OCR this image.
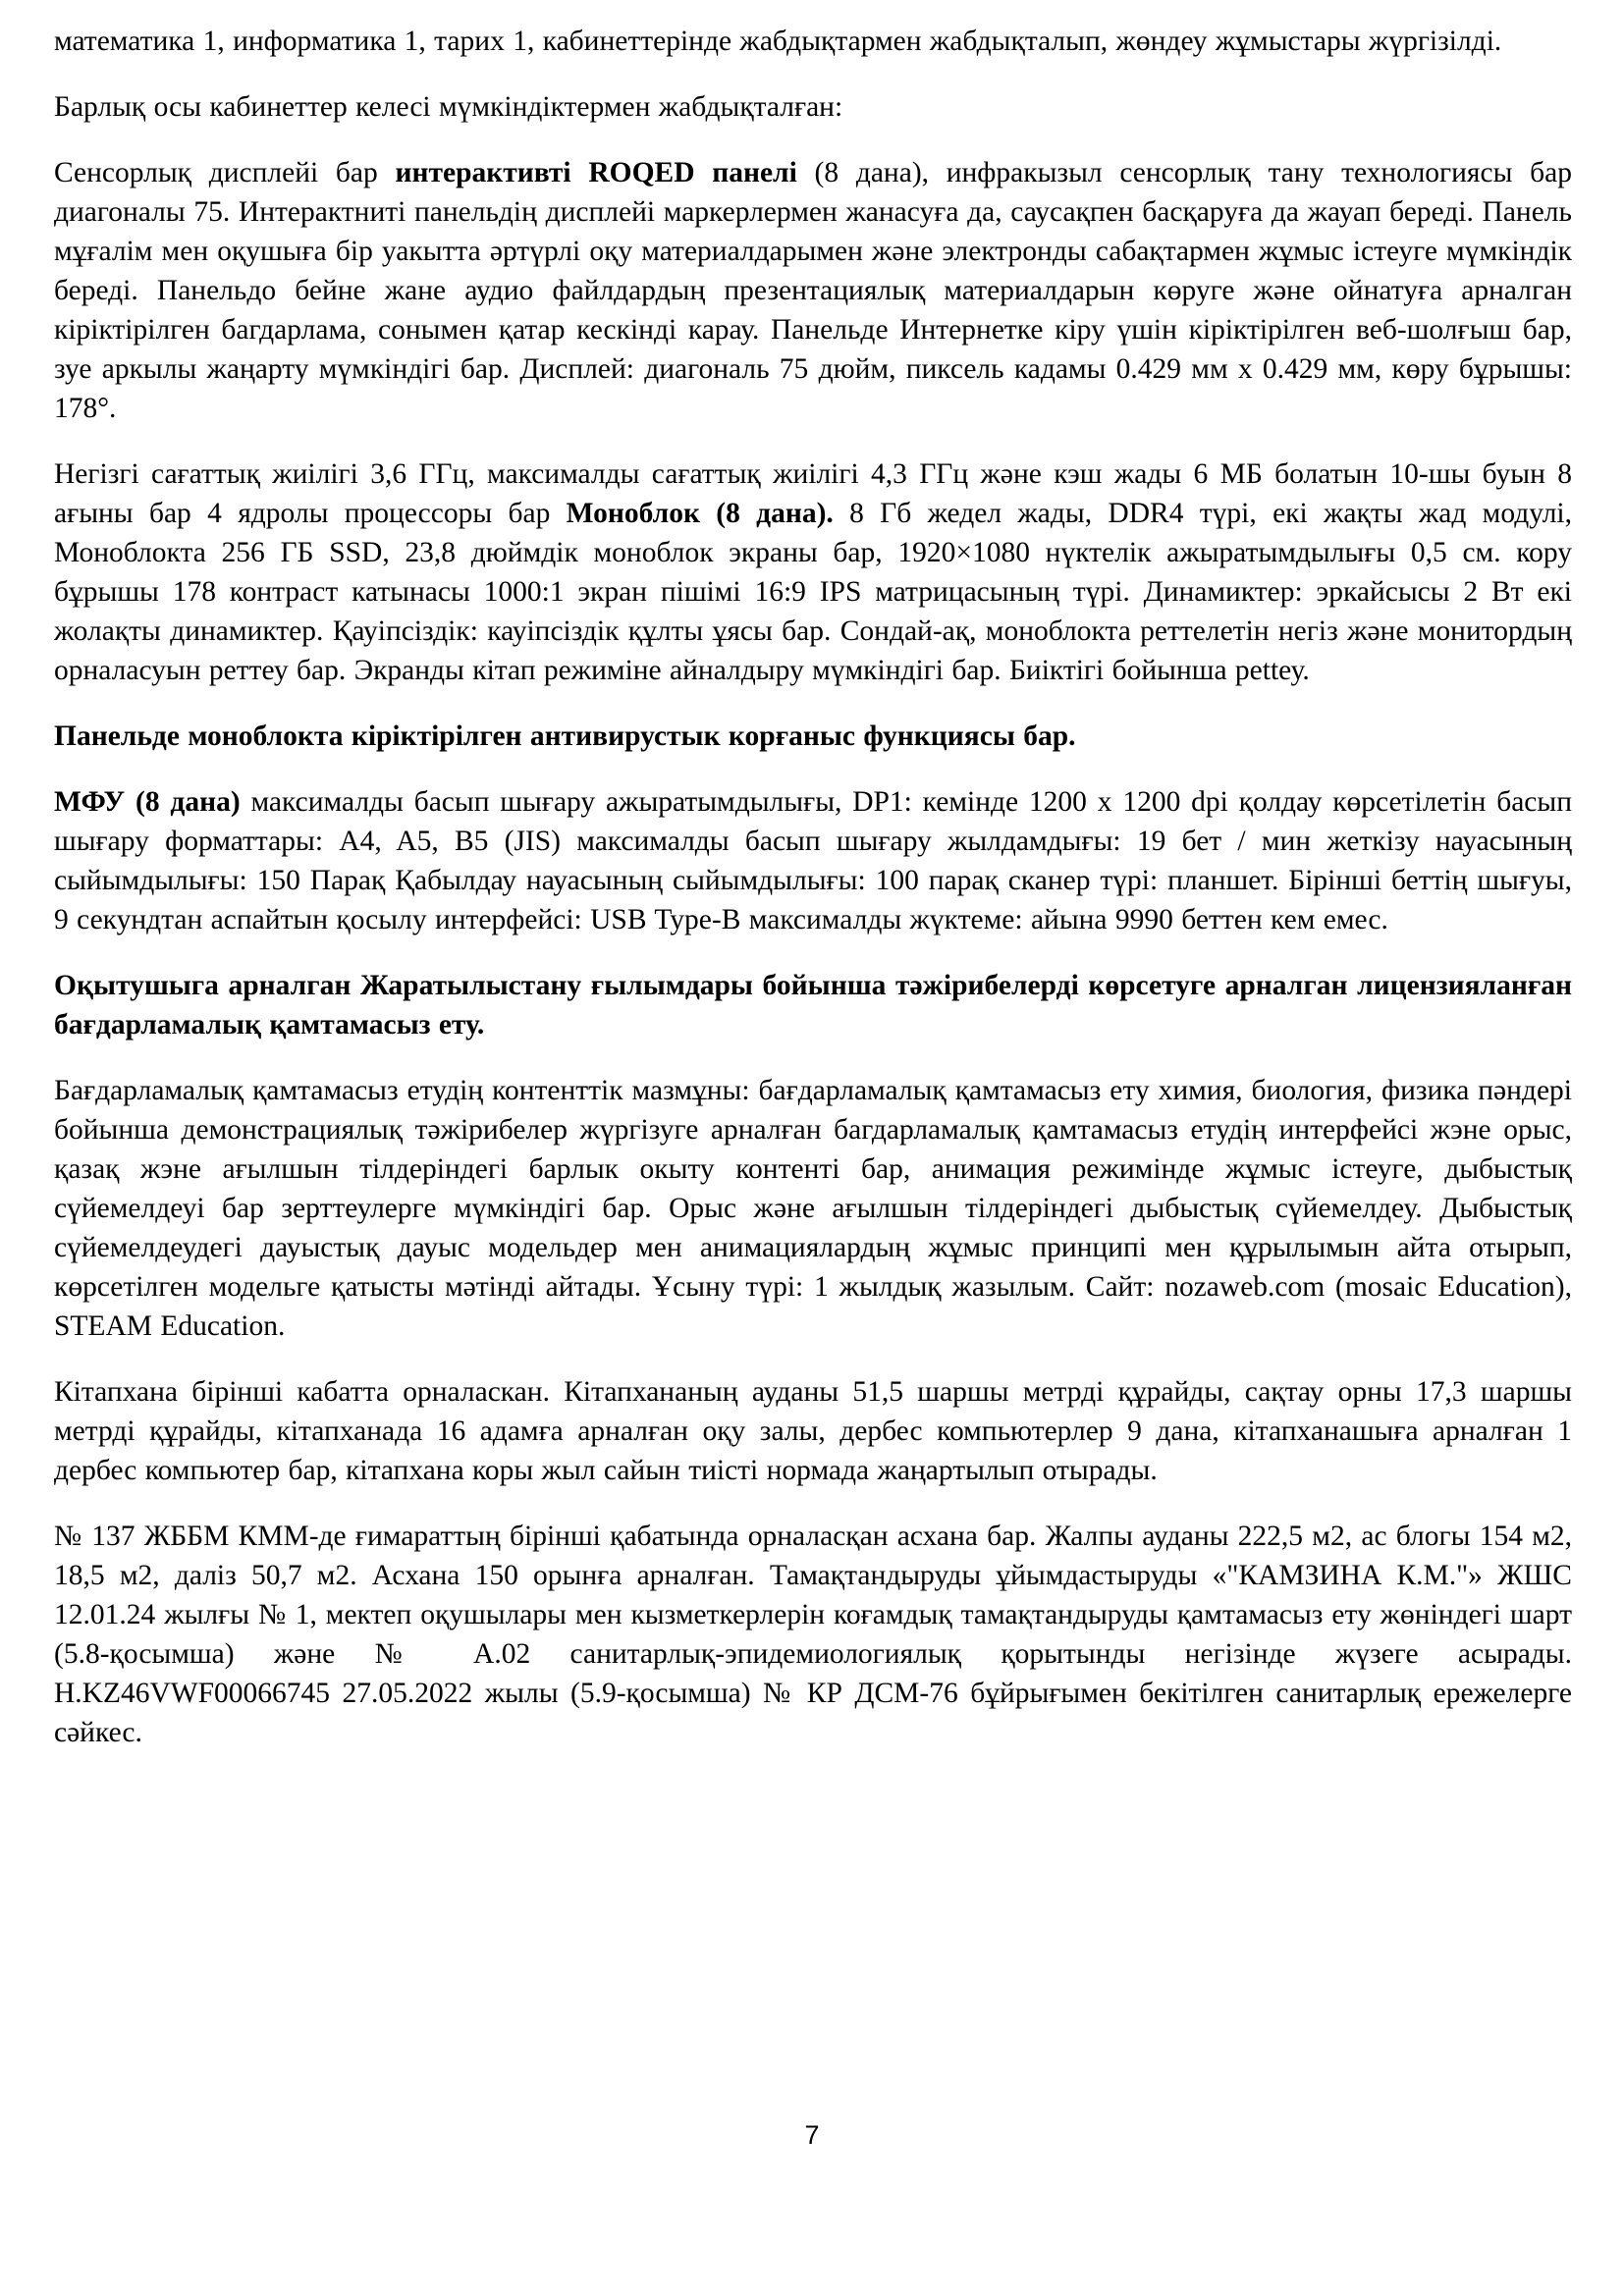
математика 1, информатика 1, тарих 1, кабинеттерінде жабдықтармен жабдықталып, жөндеу жұмыстары жүргізілді.

Барлық осы кабинеттер келесі мүмкіндіктермен жабдықталған:

Сенсорлық дисплейі бар интерактивті ROQED панелі (8 дана), инфракызыл сенсорлық тану технологиясы бар диагоналы 75. Интерактниті панельдің дисплейі маркерлермен жанасуға да, саусақпен басқаруға да жауап береді. Панель мұғалім мен оқушыға бір уакытта әртүрлі оқу материалдарымен және электронды сабақтармен жұмыс істеуге мүмкіндік береді. Панельдо бейне жане аудио файлдардың презентациялық материалдарын көруге және ойнатуға арналган кіріктірілген багдарлама, сонымен қатар кескінді карау. Панельде Интернетке кіру үшін кіріктірілген веб-шолғыш бар, зуе аркылы жаңарту мүмкіндігі бар. Дисплей: диагональ 75 дюйм, пиксель кадамы 0.429 мм x 0.429 мм, көру бұрышы: 178°.

Негізгі сағаттық жиілігі 3,6 ГГц, максималды сағаттық жиілігі 4,3 ГГц және кэш жады 6 МБ болатын 10-шы буын 8 ағыны бар 4 ядролы процессоры бар Моноблок (8 дана). 8 Гб жедел жады, DDR4 түрі, екі жақты жад модулі, Моноблокта 256 ГБ SSD, 23,8 дюймдік моноблок экраны бар, 1920×1080 нүктелік ажыратымдылығы 0,5 см. кору бұрышы 178 контраст катынасы 1000:1 экран пішімі 16:9 IPS матрицасының түрі. Динамиктер: эркайсысы 2 Вт екі жолақты динамиктер. Қауіпсіздік: кауіпсіздік құлты ұясы бар. Сондай-ақ, моноблокта реттелетін негіз және монитордың орналасуын реттеу бар. Экранды кітап режиміне айналдыру мүмкіндігі бар. Биіктігі бойынша реttеу.

Панельде моноблокта кіріктірілген антивирустык корғаныс функциясы бар.

МФУ (8 дана) максималды басып шығару ажыратымдылығы, DP1: кемінде 1200 x 1200 dpi қолдау көрсетілетін басып шығару форматтары: A4, A5, B5 (JIS) максималды басып шығару жылдамдығы: 19 бет / мин жеткізу науасының сыйымдылығы: 150 Парақ Қабылдау науасының сыйымдылығы: 100 парақ сканер түрі: планшет. Бірінші беттің шығуы, 9 секундтан аспайтын қосылу интерфейсі: USB Type-B максималды жүктеме: айына 9990 беттен кем емес.

Оқытушыга арналган Жаратылыстану ғылымдары бойынша тәжірибелерді көрсетуге арналган лицензияланған бағдарламалық қамтамасыз ету.

Бағдарламалық қамтамасыз етудің контенттік мазмұны: бағдарламалық қамтамасыз ету химия, биология, физика пәндері бойынша демонстрациялық тәжірибелер жүргізуге арналған багдарламалық қамтамасыз етудің интерфейсі жэне орыс, қазақ жэне ағылшын тілдеріндегі барлык окыту контенті бар, анимация режимінде жұмыс істеуге, дыбыстық сүйемелдеуі бар зерттеулерге мүмкіндігі бар. Орыс және ағылшын тілдеріндегі дыбыстық сүйемелдеу. Дыбыстық сүйемелдеудегі дауыстық дауыс модельдер мен анимациялардың жұмыс принципі мен құрылымын айта отырып, көрсетілген модельге қатысты мәтінді айтады. Ұсыну түрі: 1 жылдық жазылым. Сайт: nozaweb.com (mosaic Education), STEAM Education.

Кітапхана бірінші кабатта орналаскан. Кітапхананың ауданы 51,5 шаршы метрді құрайды, сақтау орны 17,3 шаршы метрді құрайды, кітапханада 16 адамға арналған оқу залы, дербес компьютерлер 9 дана, кітапханашыға арналған 1 дербес компьютер бар, кітапхана коры жыл сайын тиісті нормада жаңартылып отырады.

№ 137 ЖББМ КММ-де ғимараттың бірінші қабатында орналасқан асхана бар. Жалпы ауданы 222,5 м2, ас блогы 154 м2, 18,5 м2, даліз 50,7 м2. Асхана 150 орынға арналған. Тамақтандыруды ұйымдастыруды «"КАМЗИНА К.М."» ЖШС 12.01.24 жылғы № 1, мектеп оқушылары мен кызметкерлерін коғамдық тамақтандыруды қамтамасыз ету жөніндегі шарт (5.8-қосымша) және № А.02 санитарлық-эпидемиологиялық қорытынды негізінде жүзеге асырады. H.KZ46VWF00066745 27.05.2022 жылы (5.9-қосымша) № КР ДСМ-76 бұйрығымен бекітілген санитарлық ережелерге сәйкес.

7
